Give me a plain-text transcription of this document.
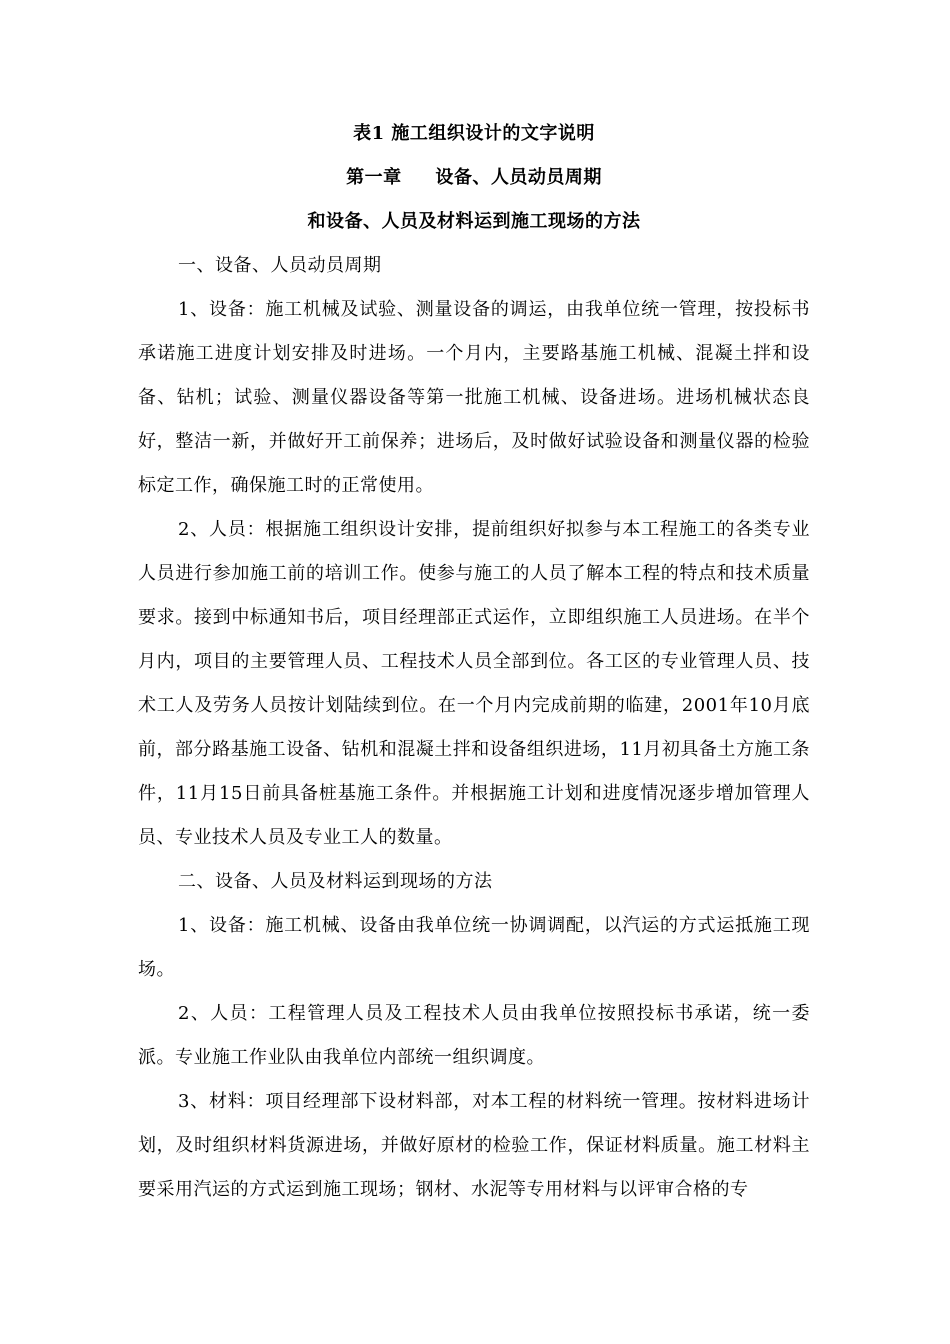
表1 施工组织设计的文字说明
第一章     设备、人员动员周期
和设备、人员及材料运到施工现场的方法
一、设备、人员动员周期

1、设备：施工机械及试验、测量设备的调运，由我单位统一管理，按投标书承诺施工进度计划安排及时进场。一个月内，主要路基施工机械、混凝土拌和设备、钻机；试验、测量仪器设备等第一批施工机械、设备进场。进场机械状态良好，整洁一新，并做好开工前保养；进场后，及时做好试验设备和测量仪器的检验标定工作，确保施工时的正常使用。

2、人员：根据施工组织设计安排，提前组织好拟参与本工程施工的各类专业人员进行参加施工前的培训工作。使参与施工的人员了解本工程的特点和技术质量要求。接到中标通知书后，项目经理部正式运作，立即组织施工人员进场。在半个月内，项目的主要管理人员、工程技术人员全部到位。各工区的专业管理人员、技术工人及劳务人员按计划陆续到位。在一个月内完成前期的临建，2001年10月底前，部分路基施工设备、钻机和混凝土拌和设备组织进场，11月初具备土方施工条件，11月15日前具备桩基施工条件。并根据施工计划和进度情况逐步增加管理人员、专业技术人员及专业工人的数量。

二、设备、人员及材料运到现场的方法

1、设备：施工机械、设备由我单位统一协调调配，以汽运的方式运抵施工现场。

2、人员：工程管理人员及工程技术人员由我单位按照投标书承诺，统一委派。专业施工作业队由我单位内部统一组织调度。

3、材料：项目经理部下设材料部，对本工程的材料统一管理。按材料进场计划，及时组织材料货源进场，并做好原材的检验工作，保证材料质量。施工材料主要采用汽运的方式运到施工现场；钢材、水泥等专用材料与以评审合格的专
